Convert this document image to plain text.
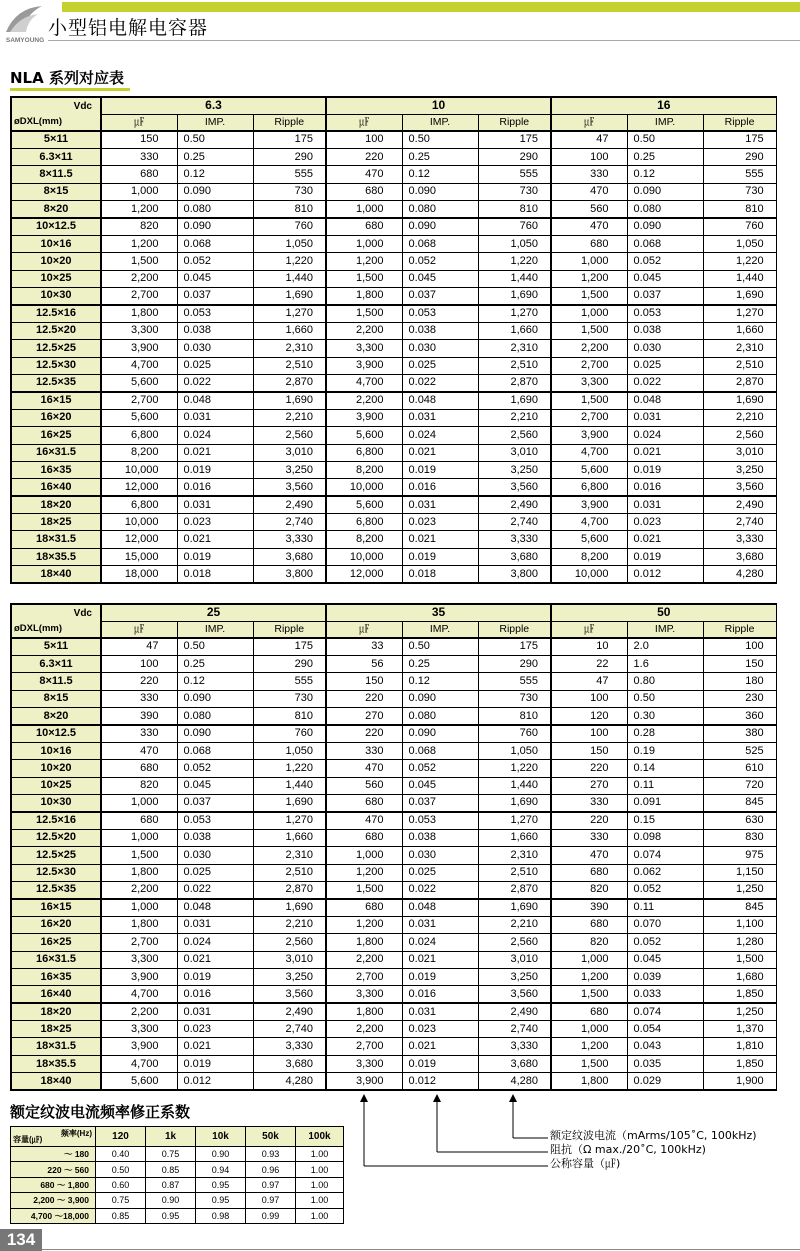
SAMYOUNG
小型铝电解电容器
NLA 系列对应表
Vdc
øDXL(mm)	6.3			10			16		
	㎌	IMP.	Ripple	㎌	IMP.	Ripple	㎌	IMP.	Ripple
5×11	150	0.50	175	100	0.50	175	47	0.50	175
6.3×11	330	0.25	290	220	0.25	290	100	0.25	290
8×11.5	680	0.12	555	470	0.12	555	330	0.12	555
8×15	1,000	0.090	730	680	0.090	730	470	0.090	730
8×20	1,200	0.080	810	1,000	0.080	810	560	0.080	810
10×12.5	820	0.090	760	680	0.090	760	470	0.090	760
10×16	1,200	0.068	1,050	1,000	0.068	1,050	680	0.068	1,050
10×20	1,500	0.052	1,220	1,200	0.052	1,220	1,000	0.052	1,220
10×25	2,200	0.045	1,440	1,500	0.045	1,440	1,200	0.045	1,440
10×30	2,700	0.037	1,690	1,800	0.037	1,690	1,500	0.037	1,690
12.5×16	1,800	0.053	1,270	1,500	0.053	1,270	1,000	0.053	1,270
12.5×20	3,300	0.038	1,660	2,200	0.038	1,660	1,500	0.038	1,660
12.5×25	3,900	0.030	2,310	3,300	0.030	2,310	2,200	0.030	2,310
12.5×30	4,700	0.025	2,510	3,900	0.025	2,510	2,700	0.025	2,510
12.5×35	5,600	0.022	2,870	4,700	0.022	2,870	3,300	0.022	2,870
16×15	2,700	0.048	1,690	2,200	0.048	1,690	1,500	0.048	1,690
16×20	5,600	0.031	2,210	3,900	0.031	2,210	2,700	0.031	2,210
16×25	6,800	0.024	2,560	5,600	0.024	2,560	3,900	0.024	2,560
16×31.5	8,200	0.021	3,010	6,800	0.021	3,010	4,700	0.021	3,010
16×35	10,000	0.019	3,250	8,200	0.019	3,250	5,600	0.019	3,250
16×40	12,000	0.016	3,560	10,000	0.016	3,560	6,800	0.016	3,560
18×20	6,800	0.031	2,490	5,600	0.031	2,490	3,900	0.031	2,490
18×25	10,000	0.023	2,740	6,800	0.023	2,740	4,700	0.023	2,740
18×31.5	12,000	0.021	3,330	8,200	0.021	3,330	5,600	0.021	3,330
18×35.5	15,000	0.019	3,680	10,000	0.019	3,680	8,200	0.019	3,680
18×40	18,000	0.018	3,800	12,000	0.018	3,800	10,000	0.012	4,280
Vdc
øDXL(mm)	25			35			50		
	㎌	IMP.	Ripple	㎌	IMP.	Ripple	㎌	IMP.	Ripple
5×11	47	0.50	175	33	0.50	175	10	2.0	100
6.3×11	100	0.25	290	56	0.25	290	22	1.6	150
8×11.5	220	0.12	555	150	0.12	555	47	0.80	180
8×15	330	0.090	730	220	0.090	730	100	0.50	230
8×20	390	0.080	810	270	0.080	810	120	0.30	360
10×12.5	330	0.090	760	220	0.090	760	100	0.28	380
10×16	470	0.068	1,050	330	0.068	1,050	150	0.19	525
10×20	680	0.052	1,220	470	0.052	1,220	220	0.14	610
10×25	820	0.045	1,440	560	0.045	1,440	270	0.11	720
10×30	1,000	0.037	1,690	680	0.037	1,690	330	0.091	845
12.5×16	680	0.053	1,270	470	0.053	1,270	220	0.15	630
12.5×20	1,000	0.038	1,660	680	0.038	1,660	330	0.098	830
12.5×25	1,500	0.030	2,310	1,000	0.030	2,310	470	0.074	975
12.5×30	1,800	0.025	2,510	1,200	0.025	2,510	680	0.062	1,150
12.5×35	2,200	0.022	2,870	1,500	0.022	2,870	820	0.052	1,250
16×15	1,000	0.048	1,690	680	0.048	1,690	390	0.11	845
16×20	1,800	0.031	2,210	1,200	0.031	2,210	680	0.070	1,100
16×25	2,700	0.024	2,560	1,800	0.024	2,560	820	0.052	1,280
16×31.5	3,300	0.021	3,010	2,200	0.021	3,010	1,000	0.045	1,500
16×35	3,900	0.019	3,250	2,700	0.019	3,250	1,200	0.039	1,680
16×40	4,700	0.016	3,560	3,300	0.016	3,560	1,500	0.033	1,850
18×20	2,200	0.031	2,490	1,800	0.031	2,490	680	0.074	1,250
18×25	3,300	0.023	2,740	2,200	0.023	2,740	1,000	0.054	1,370
18×31.5	3,900	0.021	3,330	2,700	0.021	3,330	1,200	0.043	1,810
18×35.5	4,700	0.019	3,680	3,300	0.019	3,680	1,500	0.035	1,850
18×40	5,600	0.012	4,280	3,900	0.012	4,280	1,800	0.029	1,900
额定纹波电流频率修正系数
频率(Hz)
容量(㎌)	120	1k	10k	50k	100k
～ 180	0.40	0.75	0.90	0.93	1.00
220 ～ 560	0.50	0.85	0.94	0.96	1.00
680 ～ 1,800	0.60	0.87	0.95	0.97	1.00
2,200 ～ 3,900	0.75	0.90	0.95	0.97	1.00
4,700 ～18,000	0.85	0.95	0.98	0.99	1.00
额定纹波电流（mArms/105˚C, 100kHz)
阻抗（Ω max./20˚C, 100kHz)
公称容量（㎌)
134
